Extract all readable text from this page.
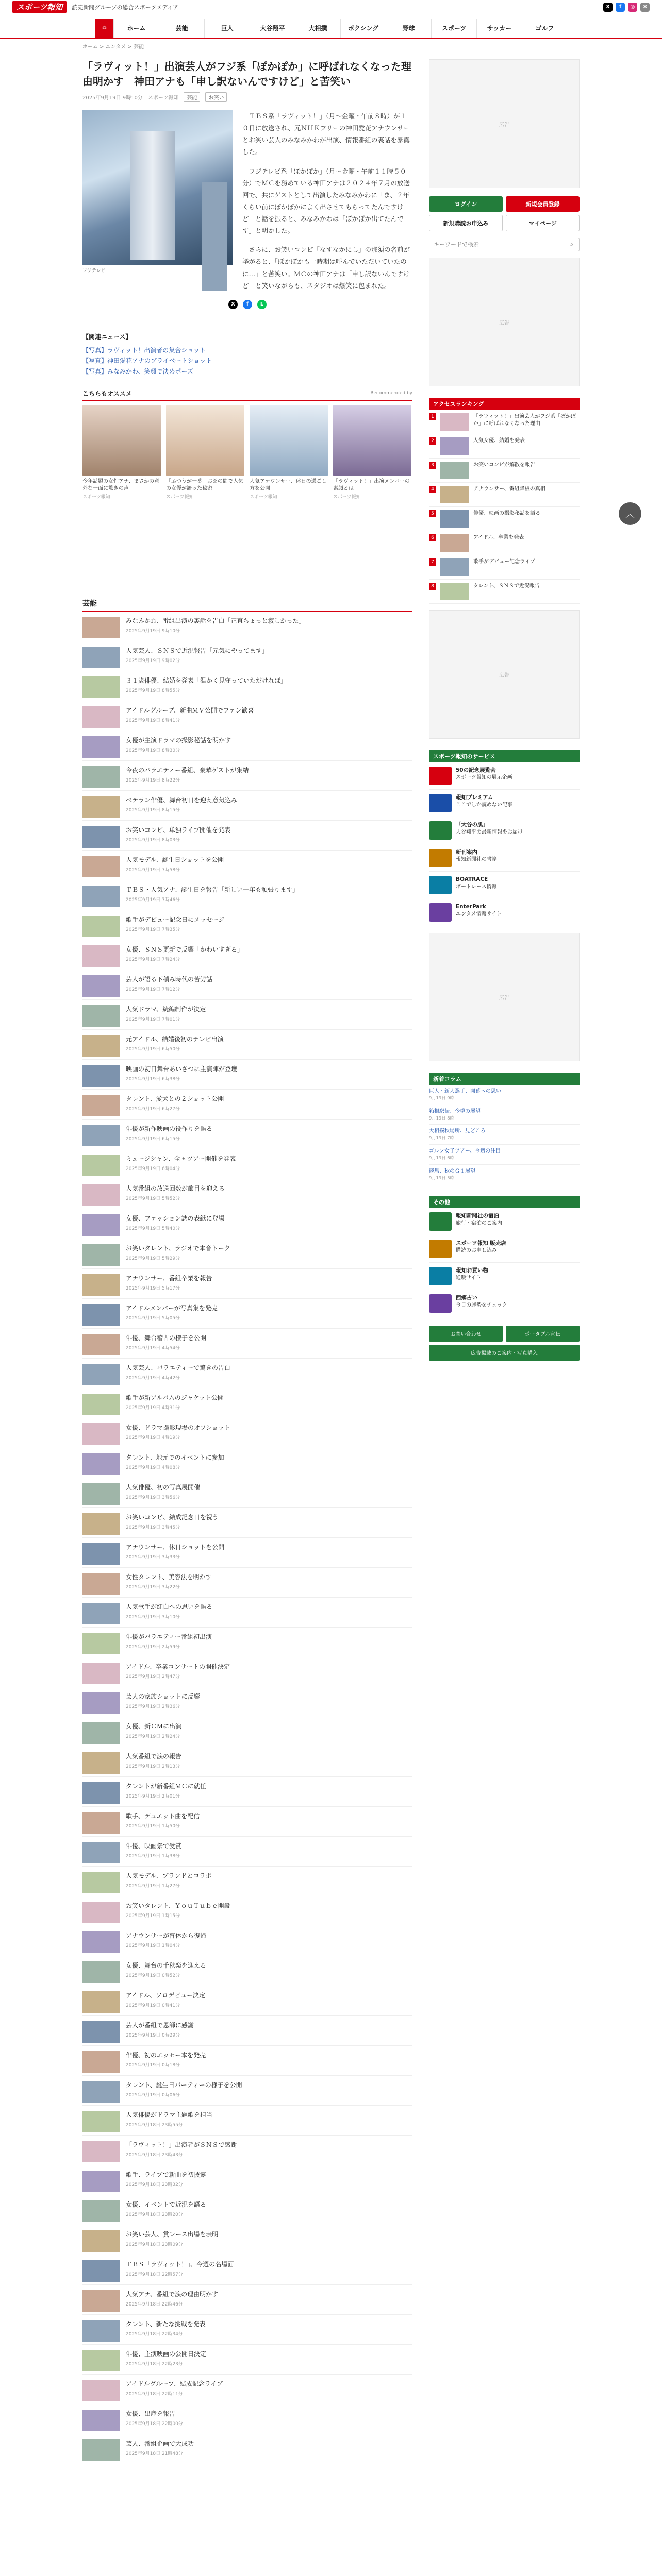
スポーツ報知	読売新聞グループの総合スポーツメディア	X	f	◎	✉
⌂	ホーム	芸能	巨人	大谷翔平	大相撲	ボクシング	野球	スポーツ	サッカー	ゴルフ
ホーム > エンタメ > 芸能
「ラヴィット！」出演芸人がフジ系「ぽかぽか」に呼ばれなくなった理由明かす　神田アナも「申し訳ないんですけど」と苦笑い
2025年9月19日 9時10分　スポーツ報知	芸能	お笑い
フジテレビ

ＴＢＳ系「ラヴィット！」（月～金曜・午前８時）が１０日に放送され、元ＮＨＫフリーの神田愛花アナウンサーとお笑い芸人のみなみかわが出演、情報番組の裏話を暴露した。

フジテレビ系「ぽかぽか」（月～金曜・午前１１時５０分）でＭＣを務めている神田アナは２０２４年７月の放送回で、共にゲストとして出演したみなみかわに「ま、２年くらい前にぽかぽかによく出させてもらってたんですけど」と話を振ると、みなみかわは「ぽかぽか出てたんです」と明かした。

さらに、お笑いコンビ「なすなかにし」の那須の名前が挙がると、「ぽかぽかも一時期は呼んでいただいていたのに…」と苦笑い。ＭＣの神田アナは「申し訳ないんですけど」と笑いながらも、スタジオは爆笑に包まれた。

X	f	L
【関連ニュース】
【写真】ラヴィット！出演者の集合ショット
【写真】神田愛花アナのプライベートショット
【写真】みなみかわ、笑顔で決めポーズ
こちらもオススメ	Recommended by

今年話題の女性アナ、まさかの意外な一面に驚きの声

スポーツ報知

「ふつうが一番」お茶の間で人気の女優が語った秘密

スポーツ報知

人気アナウンサー、休日の過ごし方を公開

スポーツ報知

「ラヴィット！」出演メンバーの素顔とは

スポーツ報知
芸能

みなみかわ、番組出演の裏話を告白「正直ちょっと寂しかった」

2025年9月19日 9時10分

人気芸人、ＳＮＳで近況報告「元気にやってます」

2025年9月19日 9時02分

３１歳俳優、結婚を発表「温かく見守っていただければ」

2025年9月19日 8時55分

アイドルグループ、新曲ＭＶ公開でファン歓喜

2025年9月19日 8時41分

女優が主演ドラマの撮影秘話を明かす

2025年9月19日 8時30分

今夜のバラエティー番組、豪華ゲストが集結

2025年9月19日 8時22分

ベテラン俳優、舞台初日を迎え意気込み

2025年9月19日 8時15分

お笑いコンビ、単独ライブ開催を発表

2025年9月19日 8時03分

人気モデル、誕生日ショットを公開

2025年9月19日 7時58分

ＴＢＳ・人気アナ、誕生日を報告「新しい一年も頑張ります」

2025年9月19日 7時46分

歌手がデビュー記念日にメッセージ

2025年9月19日 7時35分

女優、ＳＮＳ更新で反響「かわいすぎる」

2025年9月19日 7時24分

芸人が語る下積み時代の苦労話

2025年9月19日 7時12分

人気ドラマ、続編制作が決定

2025年9月19日 7時01分

元アイドル、結婚後初のテレビ出演

2025年9月19日 6時50分

映画の初日舞台あいさつに主演陣が登壇

2025年9月19日 6時38分

タレント、愛犬との２ショット公開

2025年9月19日 6時27分

俳優が新作映画の役作りを語る

2025年9月19日 6時15分

ミュージシャン、全国ツアー開催を発表

2025年9月19日 6時04分

人気番組の放送回数が節目を迎える

2025年9月19日 5時52分

女優、ファッション誌の表紙に登場

2025年9月19日 5時40分

お笑いタレント、ラジオで本音トーク

2025年9月19日 5時29分

アナウンサー、番組卒業を報告

2025年9月19日 5時17分

アイドルメンバーが写真集を発売

2025年9月19日 5時05分

俳優、舞台稽古の様子を公開

2025年9月19日 4時54分

人気芸人、バラエティーで驚きの告白

2025年9月19日 4時42分

歌手が新アルバムのジャケット公開

2025年9月19日 4時31分

女優、ドラマ撮影現場のオフショット

2025年9月19日 4時19分

タレント、地元でのイベントに参加

2025年9月19日 4時08分

人気俳優、初の写真展開催

2025年9月19日 3時56分

お笑いコンビ、結成記念日を祝う

2025年9月19日 3時45分

アナウンサー、休日ショットを公開

2025年9月19日 3時33分

女性タレント、美容法を明かす

2025年9月19日 3時22分

人気歌手が紅白への思いを語る

2025年9月19日 3時10分

俳優がバラエティー番組初出演

2025年9月19日 2時59分

アイドル、卒業コンサートの開催決定

2025年9月19日 2時47分

芸人の家族ショットに反響

2025年9月19日 2時36分

女優、新ＣＭに出演

2025年9月19日 2時24分

人気番組で涙の報告

2025年9月19日 2時13分

タレントが新番組ＭＣに就任

2025年9月19日 2時01分

歌手、デュエット曲を配信

2025年9月19日 1時50分

俳優、映画祭で受賞

2025年9月19日 1時38分

人気モデル、ブランドとコラボ

2025年9月19日 1時27分

お笑いタレント、ＹｏｕＴｕｂｅ開設

2025年9月19日 1時15分

アナウンサーが育休から復帰

2025年9月19日 1時04分

女優、舞台の千秋楽を迎える

2025年9月19日 0時52分

アイドル、ソロデビュー決定

2025年9月19日 0時41分

芸人が番組で恩師に感謝

2025年9月19日 0時29分

俳優、初のエッセー本を発売

2025年9月19日 0時18分

タレント、誕生日パーティーの様子を公開

2025年9月19日 0時06分

人気俳優がドラマ主題歌を担当

2025年9月18日 23時55分

「ラヴィット！」出演者がＳＮＳで感謝

2025年9月18日 23時43分

歌手、ライブで新曲を初披露

2025年9月18日 23時32分

女優、イベントで近況を語る

2025年9月18日 23時20分

お笑い芸人、賞レース出場を表明

2025年9月18日 23時09分

ＴＢＳ「ラヴィット！」、今週の名場面

2025年9月18日 22時57分

人気アナ、番組で涙の理由明かす

2025年9月18日 22時46分

タレント、新たな挑戦を発表

2025年9月18日 22時34分

俳優、主演映画の公開日決定

2025年9月18日 22時23分

アイドルグループ、結成記念ライブ

2025年9月18日 22時11分

女優、出産を報告

2025年9月18日 22時00分

芸人、番組企画で大成功

2025年9月18日 21時48分
広告
ログイン	新規会員登録
新規購読お申込み	マイページ
キーワードで検索
⌕
広告
アクセスランキング
1	「ラヴィット！」出演芸人がフジ系「ぽかぽか」に呼ばれなくなった理由
2	人気女優、結婚を発表
3	お笑いコンビが解散を報告
4	アナウンサー、番組降板の真相
5	俳優、映画の撮影秘話を語る
6	アイドル、卒業を発表
7	歌手がデビュー記念ライブ
8	タレント、ＳＮＳで近況報告
広告
スポーツ報知のサービス
50の記念展覧会
スポーツ報知の展示企画
報知プレミアム
ここでしか読めない記事
「大谷の肌」
大谷翔平の最新情報をお届け
新刊案内
報知新聞社の書籍
BOATRACE
ボートレース情報
EnterPark
エンタメ情報サイト
広告
新着コラム
巨人・新人選手、開幕への思い
9月19日 9時
箱根駅伝、今季の展望
9月19日 8時
大相撲秋場所、見どころ
9月19日 7時
ゴルフ女子ツアー、今週の注目
9月19日 6時
競馬、秋のＧ１展望
9月19日 5時
その他
報知新聞社の宿泊
旅行・宿泊のご案内
スポーツ報知 販売店
購読のお申し込み
報知お買い物
通販サイト
西郷占い
今日の運勢をチェック
お問い合わせ	ポータブル宣伝
広告掲載のご案内・写真購入
︿
